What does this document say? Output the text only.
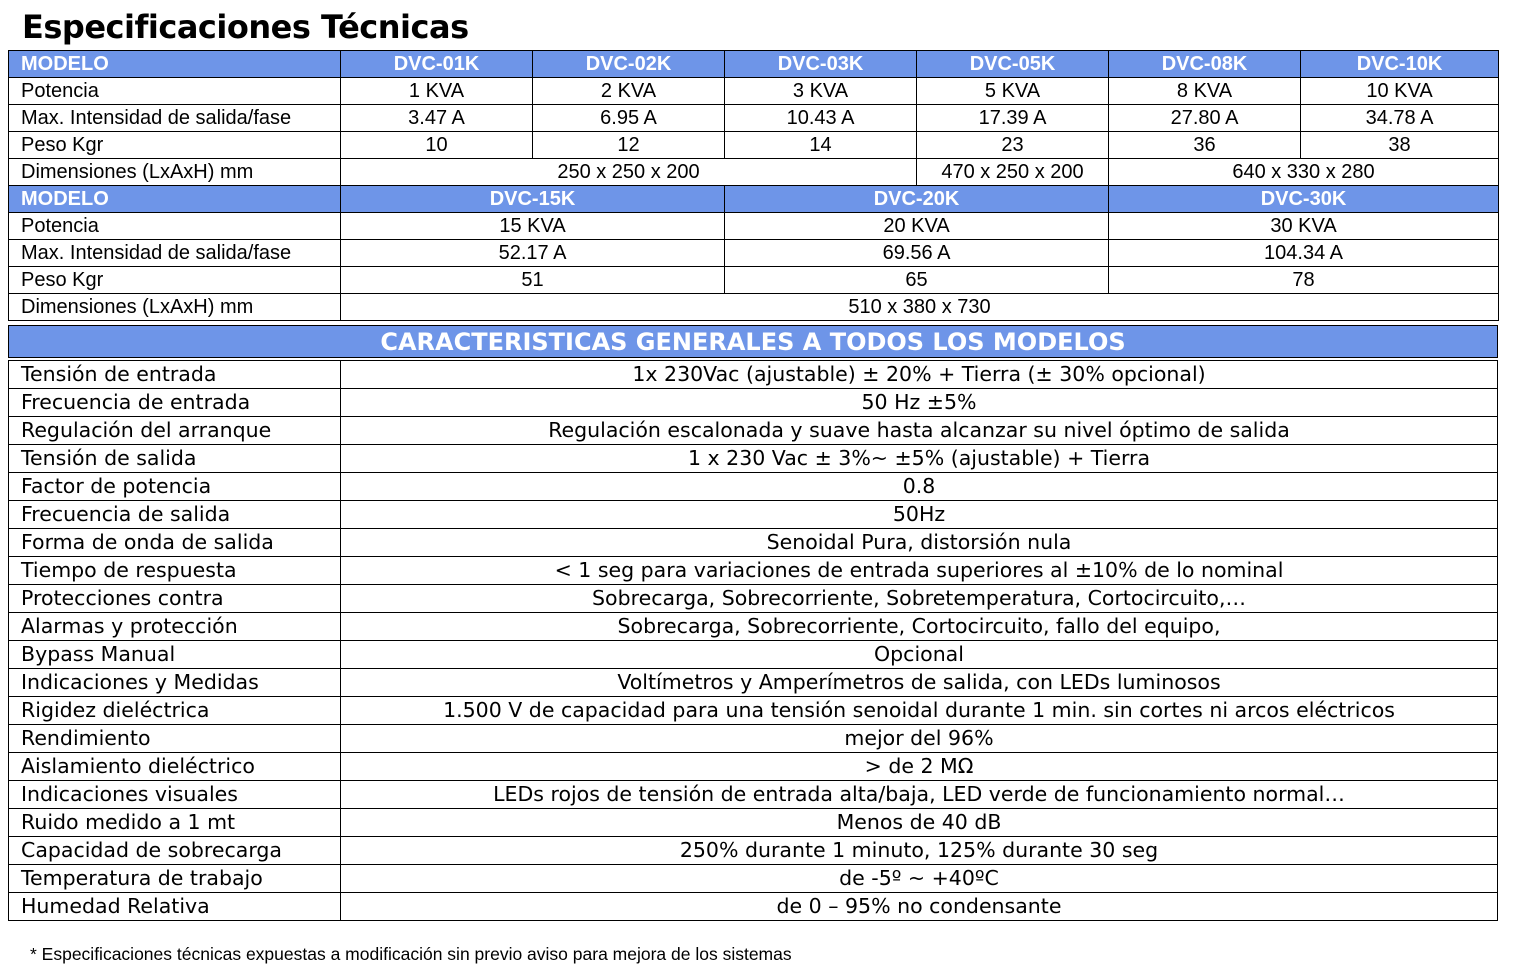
Especificaciones Técnicas
MODELO	DVC-01K	DVC-02K	DVC-03K	DVC-05K	DVC-08K	DVC-10K
Potencia	1 KVA	2 KVA	3 KVA	5 KVA	8 KVA	10 KVA
Max. Intensidad de salida/fase	3.47 A	6.95 A	10.43 A	17.39 A	27.80 A	34.78 A
Peso Kgr	10	12	14	23	36	38
Dimensiones (LxAxH) mm	250 x 250 x 200			470 x 250 x 200	640 x 330 x 280	
MODELO	DVC-15K		DVC-20K		DVC-30K	
Potencia	15 KVA		20 KVA		30 KVA	
Max. Intensidad de salida/fase	52.17 A		69.56 A		104.34 A	
Peso Kgr	51		65		78	
Dimensiones (LxAxH) mm	510 x 380 x 730					
CARACTERISTICAS GENERALES A TODOS LOS MODELOS
Tensión de entrada	1x 230Vac (ajustable) ± 20% + Tierra (± 30% opcional)
Frecuencia de entrada	50 Hz ±5%
Regulación del arranque	Regulación escalonada y suave hasta alcanzar su nivel óptimo de salida
Tensión de salida	1 x 230 Vac ± 3%~ ±5% (ajustable) + Tierra
Factor de potencia	0.8
Frecuencia de salida	50Hz
Forma de onda de salida	Senoidal Pura, distorsión nula
Tiempo de respuesta	< 1 seg para variaciones de entrada superiores al ±10% de lo nominal
Protecciones contra	Sobrecarga, Sobrecorriente, Sobretemperatura, Cortocircuito,…
Alarmas y protección	Sobrecarga, Sobrecorriente, Cortocircuito, fallo del equipo,
Bypass Manual	Opcional
Indicaciones y Medidas	Voltímetros y Amperímetros de salida, con LEDs luminosos
Rigidez dieléctrica	1.500 V de capacidad para una tensión senoidal durante 1 min. sin cortes ni arcos eléctricos
Rendimiento	mejor del 96%
Aislamiento dieléctrico	> de 2 MΩ
Indicaciones visuales	LEDs rojos de tensión de entrada alta/baja, LED verde de funcionamiento normal…
Ruido medido a 1 mt	Menos de 40 dB
Capacidad de sobrecarga	250% durante 1 minuto, 125% durante 30 seg
Temperatura de trabajo	de -5º ~ +40ºC
Humedad Relativa	de 0 – 95% no condensante
* Especificaciones técnicas expuestas a modificación sin previo aviso para mejora de los sistemas
